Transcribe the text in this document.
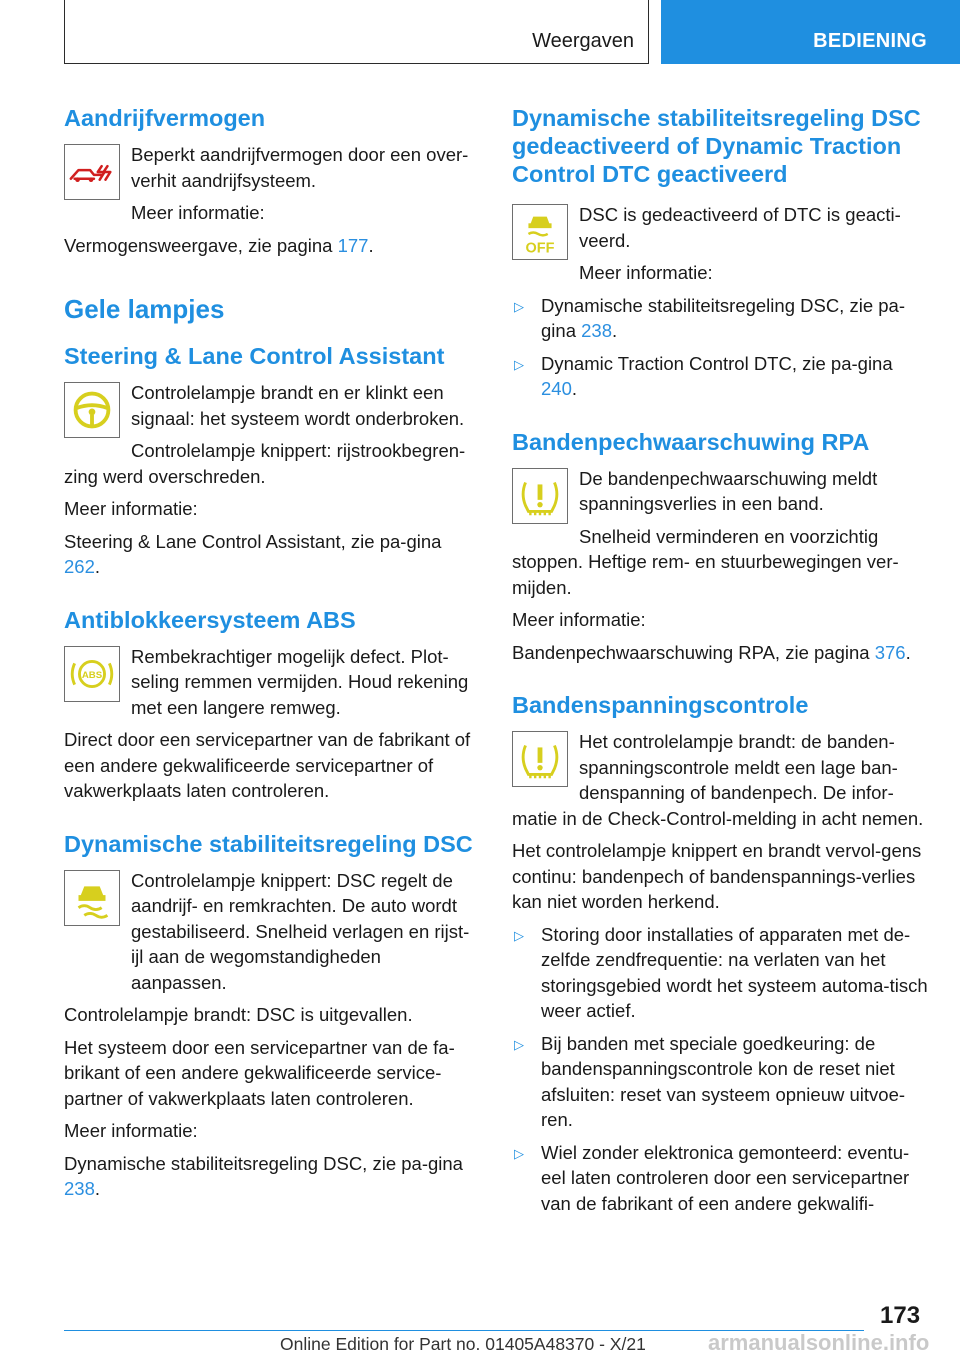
Weergaven	BEDIENING
Aandrijfvermogen

Beperkt aandrijfvermogen door een over-verhit aandrijfsysteem.

Meer informatie:

Vermogensweergave, zie pagina 177.

Gele lampjes
Steering & Lane Control Assistant

Controlelampje brandt en er klinkt een signaal: het systeem wordt onderbroken.

Controlelampje knippert: rijstrookbegren-zing werd overschreden.

Meer informatie:

Steering & Lane Control Assistant, zie pa-gina 262.

Antiblokkeersysteem ABS
ABS

Rembekrachtiger mogelijk defect. Plot-seling remmen vermijden. Houd rekening met een langere remweg.

Direct door een servicepartner van de fabrikant of een andere gekwalificeerde servicepartner of vakwerkplaats laten controleren.

Dynamische stabiliteitsregeling DSC

Controlelampje knippert: DSC regelt de aandrijf- en remkrachten. De auto wordt gestabiliseerd. Snelheid verlagen en rijst-ijl aan de wegomstandigheden aanpassen.

Controlelampje brandt: DSC is uitgevallen.

Het systeem door een servicepartner van de fa-brikant of een andere gekwalificeerde service-partner of vakwerkplaats laten controleren.

Meer informatie:

Dynamische stabiliteitsregeling DSC, zie pa-gina 238.

Dynamische stabiliteitsregeling DSC gedeactiveerd of Dynamic Traction Control DTC geactiveerd
OFF

DSC is gedeactiveerd of DTC is geacti-veerd.

Meer informatie:

▷ Dynamische stabiliteitsregeling DSC, zie pa-gina 238.
▷ Dynamic Traction Control DTC, zie pa-gina 240.
Bandenpechwaarschuwing RPA

De bandenpechwaarschuwing meldt spanningsverlies in een band.

Snelheid verminderen en voorzichtig stoppen. Heftige rem- en stuurbewegingen ver-mijden.

Meer informatie:

Bandenpechwaarschuwing RPA, zie pagina 376.

Bandenspanningscontrole

Het controlelampje brandt: de banden-spanningscontrole meldt een lage ban-denspanning of bandenpech. De infor-matie in de Check-Control-melding in acht nemen.

Het controlelampje knippert en brandt vervol-gens continu: bandenpech of bandenspannings-verlies kan niet worden herkend.

▷ Storing door installaties of apparaten met de-zelfde zendfrequentie: na verlaten van het storingsgebied wordt het systeem automa-tisch weer actief.
▷ Bij banden met speciale goedkeuring: de bandenspanningscontrole kon de reset niet afsluiten: reset van systeem opnieuw uitvoe-ren.
▷ Wiel zonder elektronica gemonteerd: eventu-eel laten controleren door een servicepartner van de fabrikant of een andere gekwalifi-
173
Online Edition for Part no. 01405A48370 - X/21	armanualsonline.info
